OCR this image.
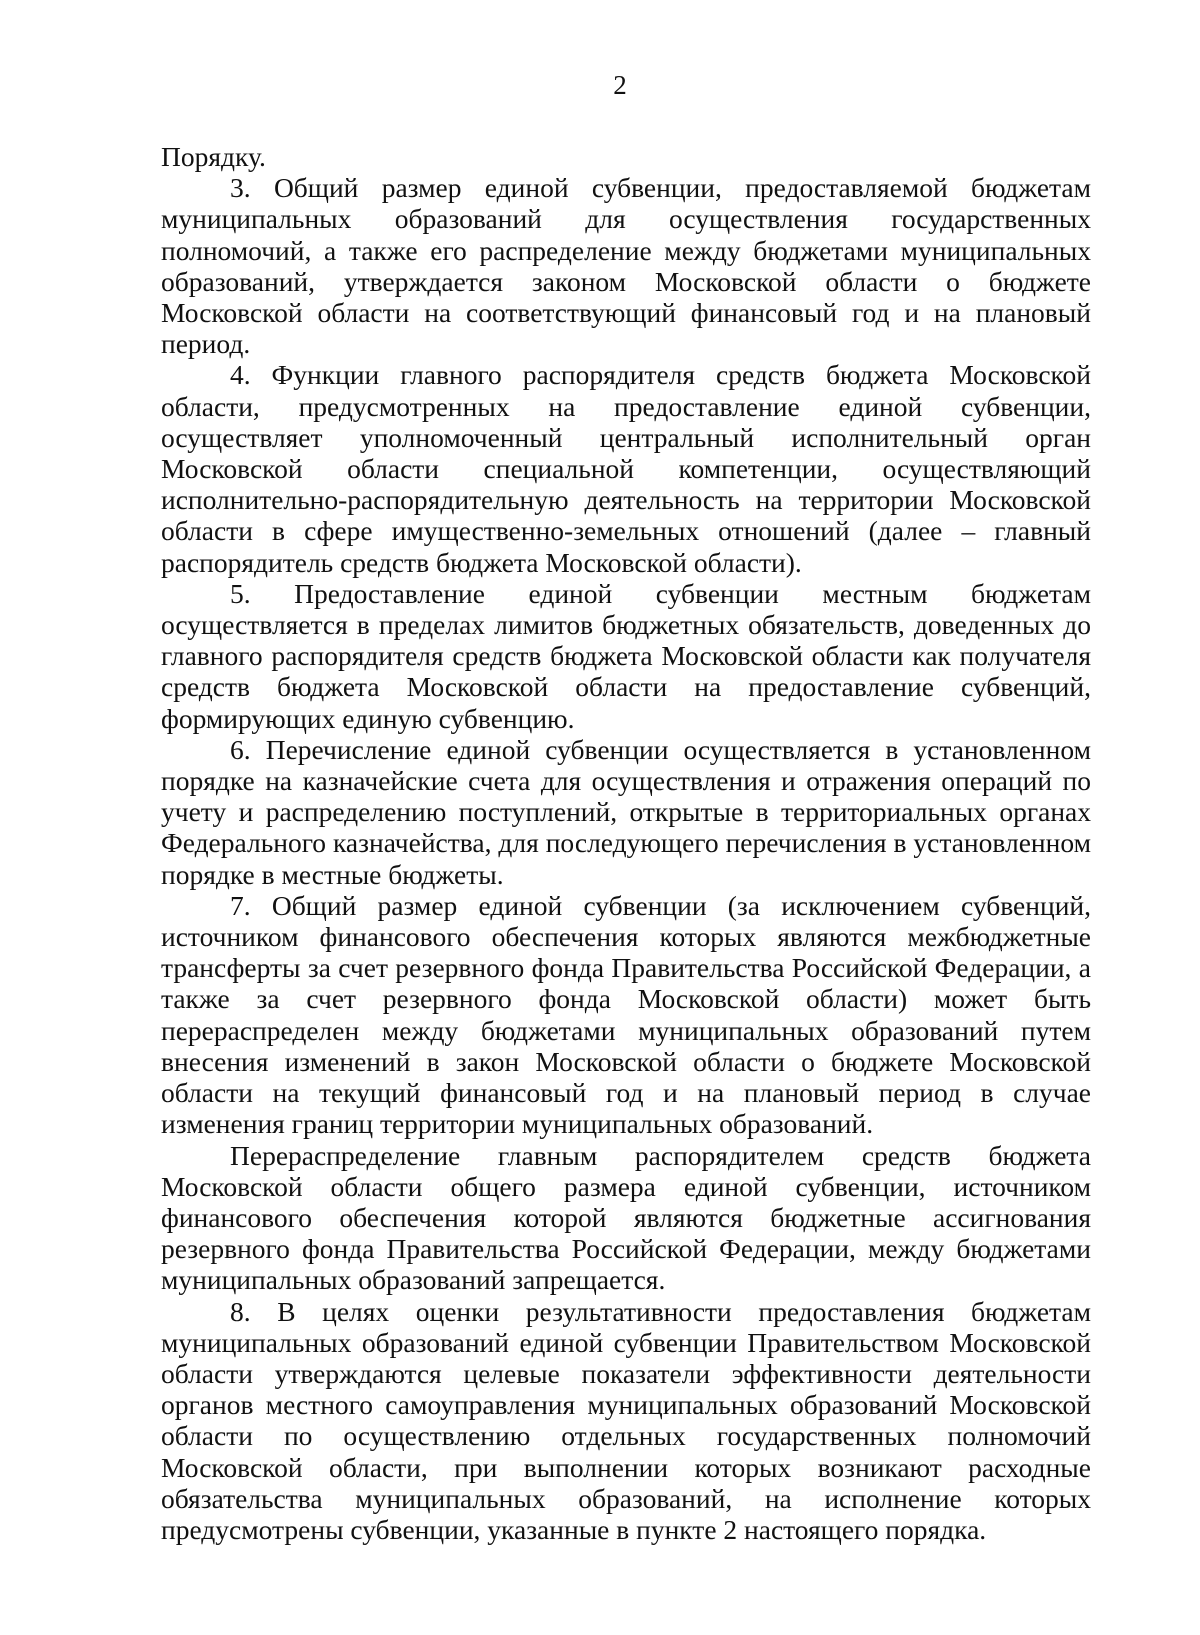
2

Порядку.

3. Общий размер единой субвенции, предоставляемой бюджетам муниципальных образований для осуществления государственных полномочий, а также его распределение между бюджетами муниципальных образований, утверждается законом Московской области о бюджете Московской области на соответствующий финансовый год и на плановый период.

4. Функции главного распорядителя средств бюджета Московской области, предусмотренных на предоставление единой субвенции, осуществляет уполномоченный центральный исполнительный орган Московской области специальной компетенции, осуществляющий исполнительно-распорядительную деятельность на территории Московской области в сфере имущественно-земельных отношений (далее – главный распорядитель средств бюджета Московской области).

5. Предоставление единой субвенции местным бюджетам осуществляется в пределах лимитов бюджетных обязательств, доведенных до главного распорядителя средств бюджета Московской области как получателя средств бюджета Московской области на предоставление субвенций, формирующих единую субвенцию.

6. Перечисление единой субвенции осуществляется в установленном порядке на казначейские счета для осуществления и отражения операций по учету и распределению поступлений, открытые в территориальных органах Федерального казначейства, для последующего перечисления в установленном порядке в местные бюджеты.

7. Общий размер единой субвенции (за исключением субвенций, источником финансового обеспечения которых являются межбюджетные трансферты за счет резервного фонда Правительства Российской Федерации, а также за счет резервного фонда Московской области) может быть перераспределен между бюджетами муниципальных образований путем внесения изменений в закон Московской области о бюджете Московской области на текущий финансовый год и на плановый период в случае изменения границ территории муниципальных образований.

Перераспределение главным распорядителем средств бюджета Московской области общего размера единой субвенции, источником финансового обеспечения которой являются бюджетные ассигнования резервного фонда Правительства Российской Федерации, между бюджетами муниципальных образований запрещается.

8. В целях оценки результативности предоставления бюджетам муниципальных образований единой субвенции Правительством Московской области утверждаются целевые показатели эффективности деятельности органов местного самоуправления муниципальных образований Московской области по осуществлению отдельных государственных полномочий Московской области, при выполнении которых возникают расходные обязательства муниципальных образований, на исполнение которых предусмотрены субвенции, указанные в пункте 2 настоящего порядка.
